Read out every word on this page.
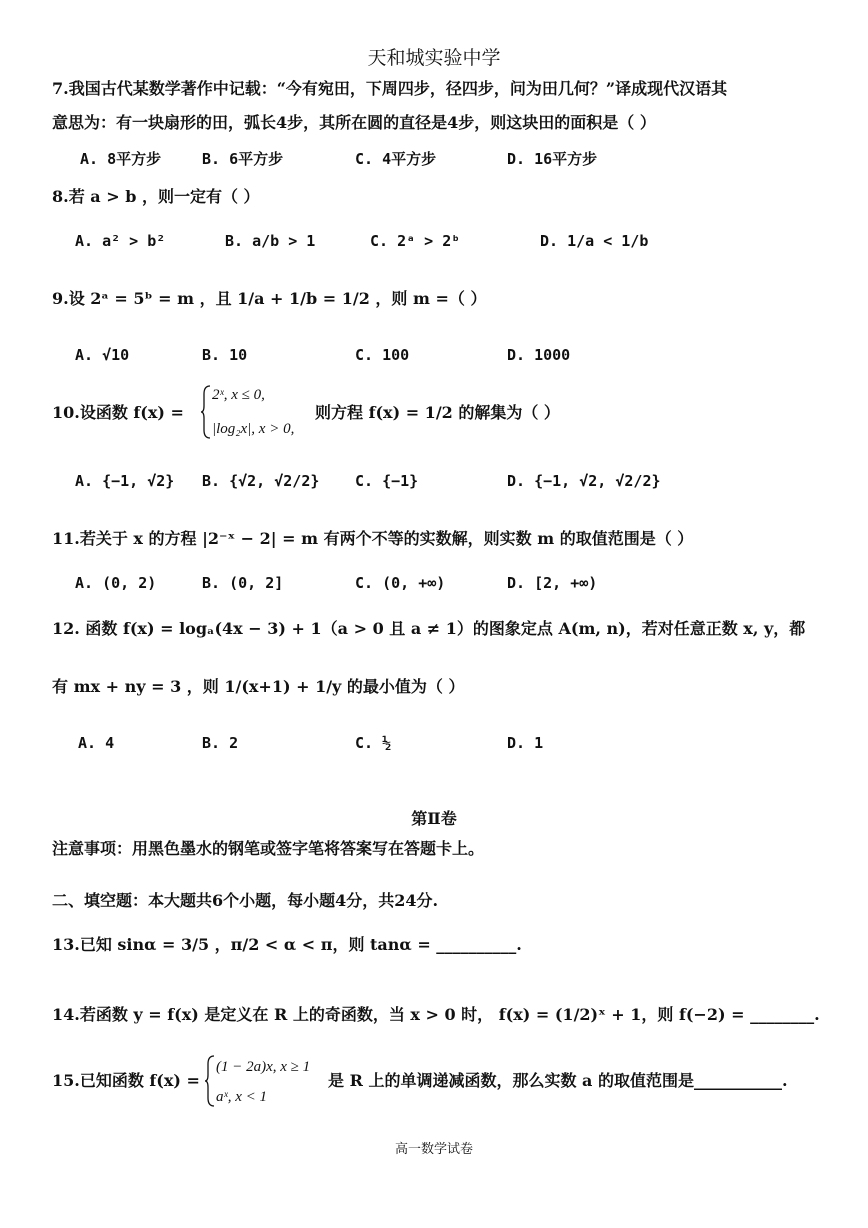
天和城实验中学
7.我国古代某数学著作中记载：“今有宛田，下周四步，径四步，问为田几何？”译成现代汉语其
意思为：有一块扇形的田，弧长4步，其所在圆的直径是4步，则这块田的面积是（ ）
A. 8平方步	B. 6平方步	C. 4平方步	D. 16平方步
8.若 a > b ，则一定有（ ）
A. a² > b²	B. a/b > 1	C. 2ᵃ > 2ᵇ	D. 1/a < 1/b
9.设 2ᵃ = 5ᵇ = m ，且 1/a + 1/b = 1/2 ，则 m =（ ）
A. √10	B. 10	C. 100	D. 1000
10.设函数 f(x) =
2ˣ, x ≤ 0,
|log₂x|, x > 0,
则方程 f(x) = 1/2 的解集为（ ）
A. {−1, √2} B. {√2, √2/2} C. {−1}	D. {−1, √2, √2/2}
11.若关于 x 的方程 |2⁻ˣ − 2| = m 有两个不等的实数解，则实数 m 的取值范围是（ ）
A. (0, 2)	B. (0, 2]	C. (0, +∞)	D. [2, +∞)
12. 函数 f(x) = logₐ(4x − 3) + 1（a > 0 且 a ≠ 1）的图象定点 A(m, n)，若对任意正数 x, y，都
有 mx + ny = 3 ，则 1/(x+1) + 1/y 的最小值为（ ）
A. 4	B. 2	C. ½	D. 1
第Ⅱ卷
注意事项：用黑色墨水的钢笔或签字笔将答案写在答题卡上。
二、填空题：本大题共6个小题，每小题4分，共24分.
13.已知 sinα = 3/5 ，π/2 < α < π，则 tanα = __________.
14.若函数 y = f(x) 是定义在 R 上的奇函数，当 x > 0 时， f(x) = (1/2)ˣ + 1，则 f(−2) = ________.
15.已知函数 f(x) =
(1 − 2a)x, x ≥ 1
aˣ, x < 1
是 R 上的单调递减函数，那么实数 a 的取值范围是___________.
高一数学试卷
